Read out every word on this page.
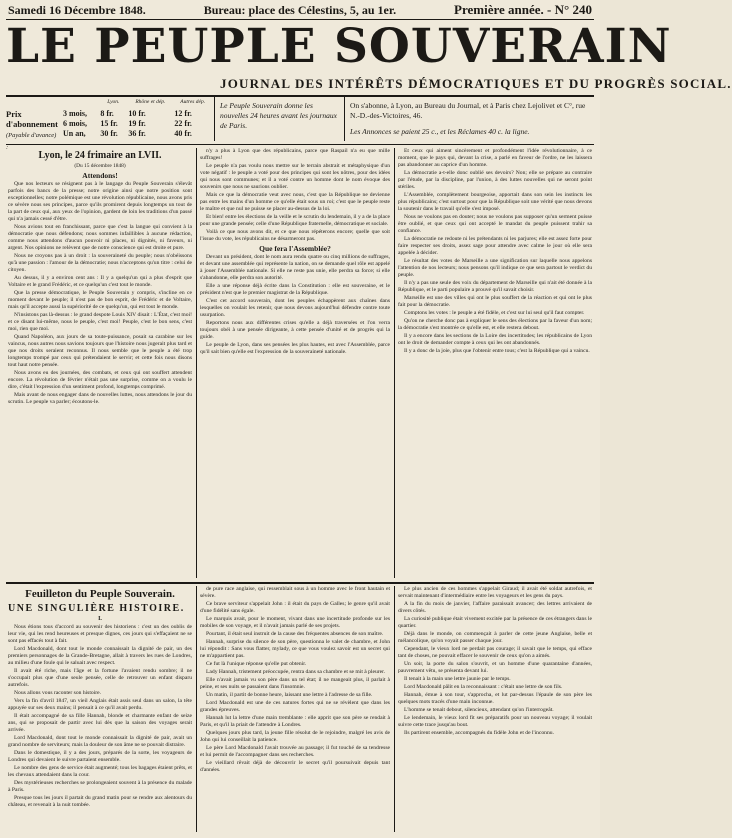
Samedi 16 Décembre 1848.	Bureau: place des Célestins, 5, au 1er.	Première année. - N° 240
LE PEUPLE SOUVERAIN
JOURNAL DES INTÉRÊTS DÉMOCRATIQUES ET DU PROGRÈS SOCIAL.
Prix d'abonnement
(Payable d'avance) :
	Lyon.	Rhône et dép.	Autres dép.
3 mois,	8 fr.	10 fr.	12 fr.
6 mois,	15 fr.	19 fr.	22 fr.
Un an,	30 fr.	36 fr.	40 fr.
Le Peuple Souverain donne les nouvelles 24 heures avant les journaux de Paris.
On s'abonne, à Lyon, au Bureau du Journal, et à Paris chez Lejolivet et C°, rue N.-D.-des-Victoires, 46.
Les Annonces se paient 25 c., et les Réclames 40 c. la ligne.
Lyon, le 24 frimaire an LVII.

(Du 15 décembre 1848)

Attendons!

Que nos lecteurs se résignent pas à le langage du Peuple Souverain s'élevât parfois des bancs de la presse; notre origine ainsi que notre position sont exceptionnelles; notre polémique est une révolution républicaine, nous avons pris ce sévère nous ses principes, parce qu'ils promirent depuis longtemps un tout de la part de ceux qui, aux yeux de l'opinion, gardent de loin les traditions d'un passé qui n'a jamais cessé d'être.

Nous avions tout en franchissant, parce que c'est la langue qui convient à la démocratie que nous défendons; nous sommes infaillibles à aucune rédaction, comme nous attendons d'aucun pouvoir ni places, ni dignités, ni faveurs, ni argent. Nos opinions ne relèvent que de notre conscience qui est droite et pure.

Nous ne croyons pas à un droit : la souveraineté du peuple; nous n'obéissons qu'à une passion : l'amour de la démocratie; nous n'acceptons qu'un titre : celui de citoyen.

Au dessus, il y a environ cent ans : Il y a quelqu'un qui a plus d'esprit que Voltaire et le grand Frédéric, et ce quelqu'un c'est tout le monde.

Que la presse démocratique, le Peuple Souverain y compris, s'incline en ce moment devant le peuple; il n'est pas de bon esprit, de Frédéric et de Voltaire, mais qu'il accepte aussi la supériorité de ce quelqu'un, qui est tout le monde.

N'insistons pas là-dessus : le grand despote Louis XIV disait : L'État, c'est moi! et ce disant lui-même, nous le peuple, c'est moi! Peuple, c'est le bon sens, c'est moi, rien que moi.

Quand Napoléon, aux jours de sa toute-puissance, posait sa carabine sur les vaincus, nous autres nous savions toujours que l'histoire nous jugerait plus tard et que nos droits seraient reconnus. Il nous semble que le peuple a été trop longtemps trompé par ceux qui prétendaient le servir; et cette fois nous disons tout haut notre pensée.

Nous avons eu des journées, des combats, et ceux qui ont souffert attendent encore. La révolution de février n'était pas une surprise, comme on a voulu le dire, c'était l'expression d'un sentiment profond, longtemps comprimé.

Mais avant de nous engager dans de nouvelles luttes, nous attendons le jour du scrutin. Le peuple va parler; écoutons-le.

n'y a plus à Lyon que des républicains, parce que Raspail n'a eu que mille suffrages!

Le peuple n'a pas voulu nous mettre sur le terrain abstrait et métaphysique d'un vote négatif : le peuple a voté pour des principes qui sont les nôtres, pour des idées qui nous sont communes; et il a voté contre un homme dont le nom évoque des souvenirs que nous ne saurions oublier.

Mais ce que la démocratie veut avec nous, c'est que la République ne devienne pas entre les mains d'un homme ce qu'elle était sous un roi; c'est que le peuple reste le maître et que nul ne puisse se placer au-dessus de la loi.

Et bien! entre les élections de la veille et le scrutin du lendemain, il y a de la place pour une grande pensée; celle d'une République fraternelle, démocratique et sociale.

Voilà ce que nous avons dit, et ce que nous répéterons encore; quelle que soit l'issue du vote, les républicains ne désarmeront pas.

Que fera l'Assemblée?

Devant un président, dont le nom aura rendu quatre ou cinq millions de suffrages, et devant une assemblée qui représente la nation, on se demande quel rôle est appelé à jouer l'Assemblée nationale. Si elle ne reste pas unie, elle perdra sa force; si elle s'abandonne, elle perdra son autorité.

Elle a une réponse déjà écrite dans la Constitution : elle est souveraine, et le président n'est que le premier magistrat de la République.

C'est cet accord souverain, dont les peuples échappèrent aux chaînes dans lesquelles on voulait les retenir, que nous devons aujourd'hui défendre contre toute usurpation.

Reportons nous aux différentes crises qu'elle a déjà traversées et l'on verra toujours obéi à une pensée dirigeante, à cette pensée d'unité et de progrès qui la guide.

Le peuple de Lyon, dans ses pensées les plus hautes, est avec l'Assemblée, parce qu'il sait bien qu'elle est l'expression de la souveraineté nationale.

Et ceux qui aiment sincèrement et profondément l'idée révolutionnaire, à ce moment, que le pays qui, devant la crise, a parlé en faveur de l'ordre, ne les laissera pas abandonner au caprice d'un homme.

La démocratie a-t-elle donc oublié ses devoirs? Non; elle se prépare au contraire par l'étude, par la discipline, par l'union, à des luttes nouvelles qui ne seront point stériles.

L'Assemblée, complètement bourgeoise, apportait dans son sein les instincts les plus républicains; c'est surtout pour que la République soit une vérité que nous devons la soutenir dans le travail qu'elle s'est imposé.

Nous ne voulons pas en douter; nous ne voulons pas supposer qu'un serment puisse être oublié, et que ceux qui ont accepté le mandat du peuple puissent trahir sa confiance.

La démocratie ne redoute ni les prétendants ni les parjures; elle est assez forte pour faire respecter ses droits, assez sage pour attendre avec calme le jour où elle sera appelée à décider.

Le résultat des votes de Marseille a une signification sur laquelle nous appelons l'attention de nos lecteurs; nous pensons qu'il indique ce que sera partout le verdict du peuple.

Il n'y a pas une seule des voix du département de Marseille qui n'ait été donnée à la République, et le parti populaire a prouvé qu'il savait choisir.

Marseille est une des villes qui ont le plus souffert de la réaction et qui ont le plus fait pour la démocratie.

Comptons les votes : le peuple a été fidèle, et c'est sur lui seul qu'il faut compter.

Qu'on ne cherche donc pas à expliquer le sens des élections par la faveur d'un nom; la démocratie s'est montrée ce qu'elle est, et elle restera debout.

Il y a encore dans les sections de la Loire des incertitudes; les républicains de Lyon ont le droit de demander compte à ceux qui les ont abandonnés.

Il y a donc de la joie, plus que l'obtenir entre tous; c'est la République qui a vaincu.

Feuilleton du Peuple Souverain.

UNE SINGULIÈRE HISTOIRE.

I.

Nous étions tous d'accord au souvenir des historiens : c'est un des oublis de leur vie, qui les rend heureuses et presque dignes, ces jours qui s'effaçaient ne se sont pas effacés tout à fait.

Lord Macdonald, dont tout le monde connaissait la dignité de pair, un des premiers personnages de la Grande-Bretagne, allait à travers les rues de Londres, au milieu d'une foule qui le saluait avec respect.

Il avait été riche, mais l'âge et la fortune l'avaient rendu sombre; il ne s'occupait plus que d'une seule pensée, celle de retrouver un enfant disparu autrefois.

Nous allons vous raconter son histoire.

Vers la fin d'avril 1847, un vieil Anglais était assis seul dans un salon, la tête appuyée sur ses deux mains; il pensait à ce qu'il avait perdu.

Il était accompagné de sa fille Hannah, blonde et charmante enfant de seize ans, qui se proposait de partir avec lui dès que la saison des voyages serait arrivée.

Lord Macdonald, dont tout le monde connaissait la dignité de pair, avait un grand nombre de serviteurs; mais la douleur de son âme ne se pouvait distraire.

Dans le domestique, il y a des jours, préparés de la sorte, les voyageurs de Londres qui devaient le suivre partaient ensemble.

Le nombre des gens de service était augmenté; tous les bagages étaient prêts, et les chevaux attendaient dans la cour.

Des mystérieuses recherches se prolongeaient souvent à la présence du malade à Paris.

Presque tous les jours il partait du grand matin pour se rendre aux alentours du château, et revenait à la nuit tombée.

de pure race anglaise, qui ressemblait sous à un homme avec le front hautain et sévère.

Ce brave serviteur s'appelait John : il était du pays de Galles; le genre qu'il avait d'une fidélité sans égale.

Le marquis avait, pour le moment, vivant dans une incertitude profonde sur les mobiles de son voyage, et il n'avait jamais parlé de ses projets.

Pourtant, il était seul instruit de la cause des fréquentes absences de son maître.

Hannah, surprise du silence de son père, questionna le valet de chambre, et John lui répondit : Sans vous flatter, mylady, ce que vous voulez savoir est un secret qui ne m'appartient pas.

Ce fut là l'unique réponse qu'elle put obtenir.

Lady Hannah, tristement préoccupée, rentra dans sa chambre et se mit à pleurer.

Elle n'avait jamais vu son père dans un tel état; il ne mangeait plus, il parlait à peine, et ses nuits se passaient dans l'insomnie.

Un matin, il partit de bonne heure, laissant une lettre à l'adresse de sa fille.

Lord Macdonald est une de ces natures fortes qui ne se révèlent que dans les grandes épreuves.

Hannah lut la lettre d'une main tremblante : elle apprit que son père se rendait à Paris, et qu'il la priait de l'attendre à Londres.

Quelques jours plus tard, la jeune fille résolut de le rejoindre, malgré les avis de John qui lui conseillait la patience.

Le père Lord Macdonald l'avait trouvée au passage; il fut touché de sa tendresse et lui permit de l'accompagner dans ses recherches.

Le vieillard rêvait déjà de découvrir le secret qu'il poursuivait depuis tant d'années.

Le plus ancien de ces hommes s'appelait Giraud; il avait été soldat autrefois, et servait maintenant d'intermédiaire entre les voyageurs et les gens du pays.

A la fin du mois de janvier, l'affaire paraissait avancer; des lettres arrivaient de divers côtés.

La curiosité publique était vivement excitée par la présence de ces étrangers dans le quartier.

Déjà dans le monde, on commençait à parler de cette jeune Anglaise, belle et mélancolique, qu'on voyait passer chaque jour.

Cependant, le vieux lord ne perdait pas courage; il savait que le temps, qui efface tant de choses, ne pouvait effacer le souvenir de ceux qu'on a aimés.

Un soir, la porte du salon s'ouvrit, et un homme d'une quarantaine d'années, pauvrement vêtu, se présenta devant lui.

Il tenait à la main une lettre jaunie par le temps.

Lord Macdonald pâlit en la reconnaissant : c'était une lettre de son fils.

Hannah, émue à son tour, s'approcha, et lut par-dessus l'épaule de son père les quelques mots tracés d'une main inconnue.

L'homme se tenait debout, silencieux, attendant qu'on l'interrogeât.

Le lendemain, le vieux lord fit ses préparatifs pour un nouveau voyage; il voulait suivre cette trace jusqu'au bout.

Ils partirent ensemble, accompagnés du fidèle John et de l'inconnu.
